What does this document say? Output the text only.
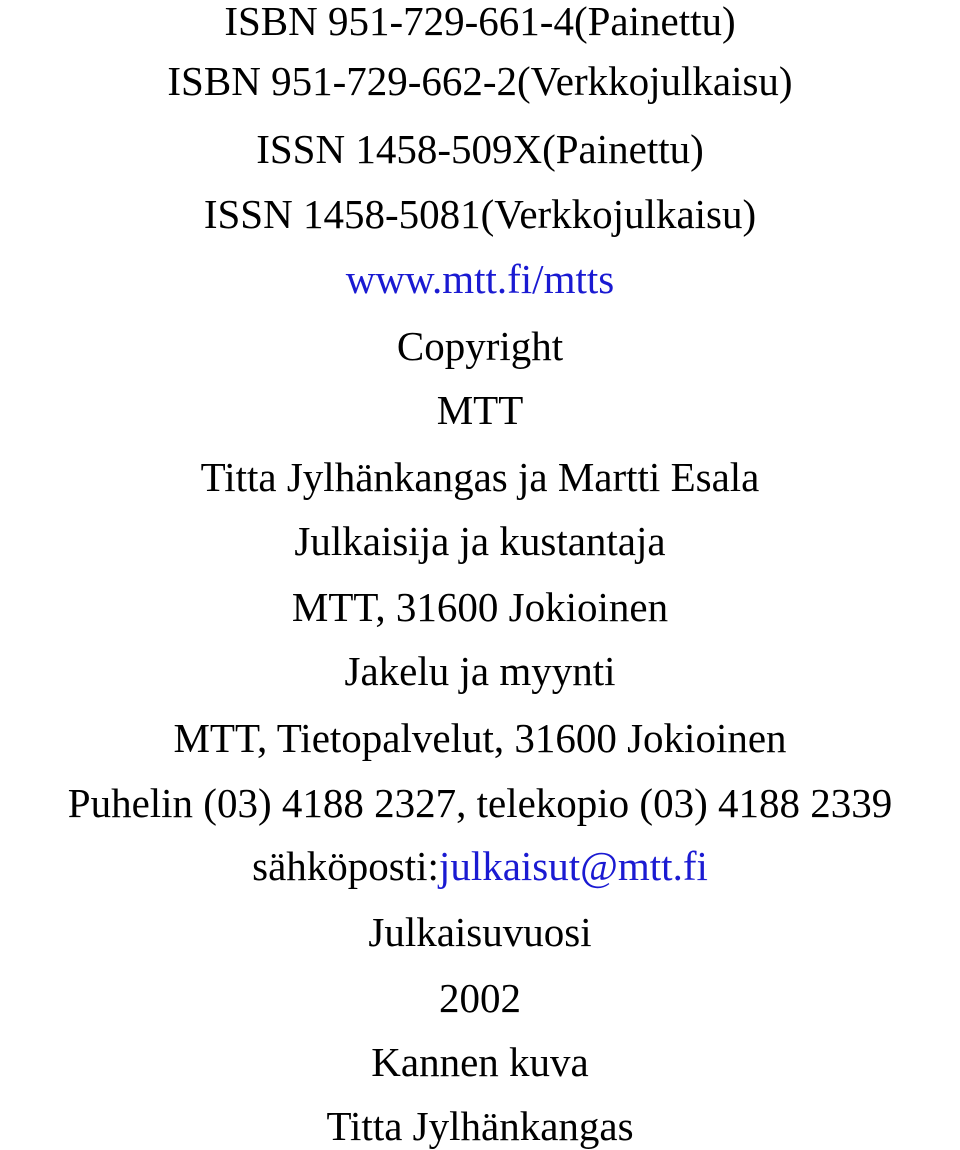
ISBN 951-729-661-4(Painettu)
ISBN 951-729-662-2(Verkkojulkaisu)
ISSN 1458-509X(Painettu)
ISSN 1458-5081(Verkkojulkaisu)
www.mtt.fi/mtts
Copyright
MTT
Titta Jylhänkangas ja Martti Esala
Julkaisija ja kustantaja
MTT, 31600 Jokioinen
Jakelu ja myynti
MTT, Tietopalvelut, 31600 Jokioinen
Puhelin (03) 4188 2327, telekopio (03) 4188 2339
sähköposti:julkaisut@mtt.fi
Julkaisuvuosi
2002
Kannen kuva
Titta Jylhänkangas
